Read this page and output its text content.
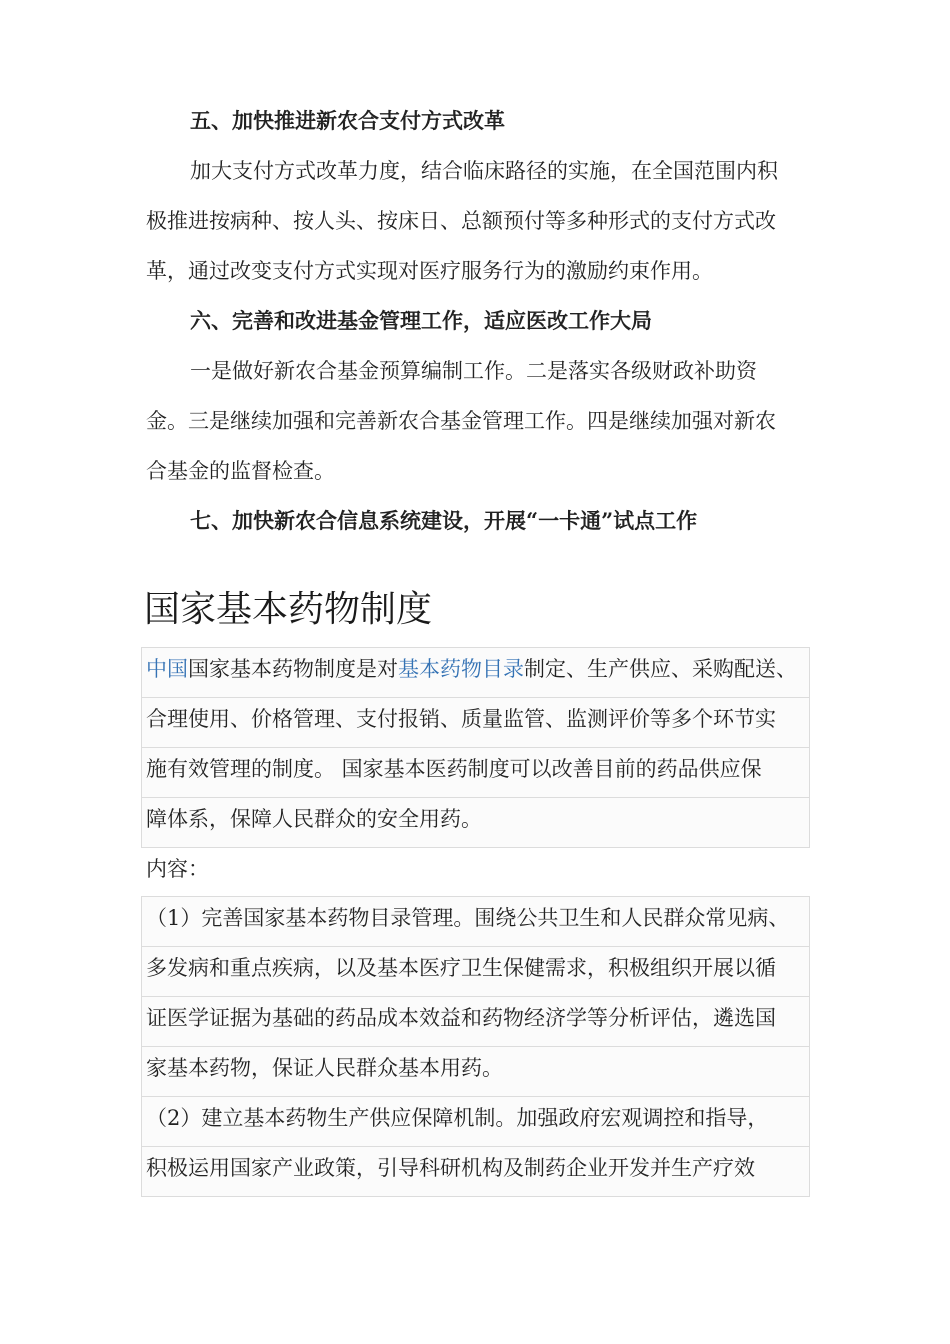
五、加快推进新农合支付方式改革
加大支付方式改革力度，结合临床路径的实施，在全国范围内积
极推进按病种、按人头、按床日、总额预付等多种形式的支付方式改
革，通过改变支付方式实现对医疗服务行为的激励约束作用。
六、完善和改进基金管理工作，适应医改工作大局
一是做好新农合基金预算编制工作。二是落实各级财政补助资
金。三是继续加强和完善新农合基金管理工作。四是继续加强对新农
合基金的监督检查。
七、加快新农合信息系统建设，开展“一卡通”试点工作
国家基本药物制度
中国国家基本药物制度是对基本药物目录制定、生产供应、采购配送、
合理使用、价格管理、支付报销、质量监管、监测评价等多个环节实
施有效管理的制度。 国家基本医药制度可以改善目前的药品供应保
障体系，保障人民群众的安全用药。
内容：
（1）完善国家基本药物目录管理。围绕公共卫生和人民群众常见病、
多发病和重点疾病，以及基本医疗卫生保健需求，积极组织开展以循
证医学证据为基础的药品成本效益和药物经济学等分析评估，遴选国
家基本药物，保证人民群众基本用药。
（2）建立基本药物生产供应保障机制。加强政府宏观调控和指导，
积极运用国家产业政策，引导科研机构及制药企业开发并生产疗效
